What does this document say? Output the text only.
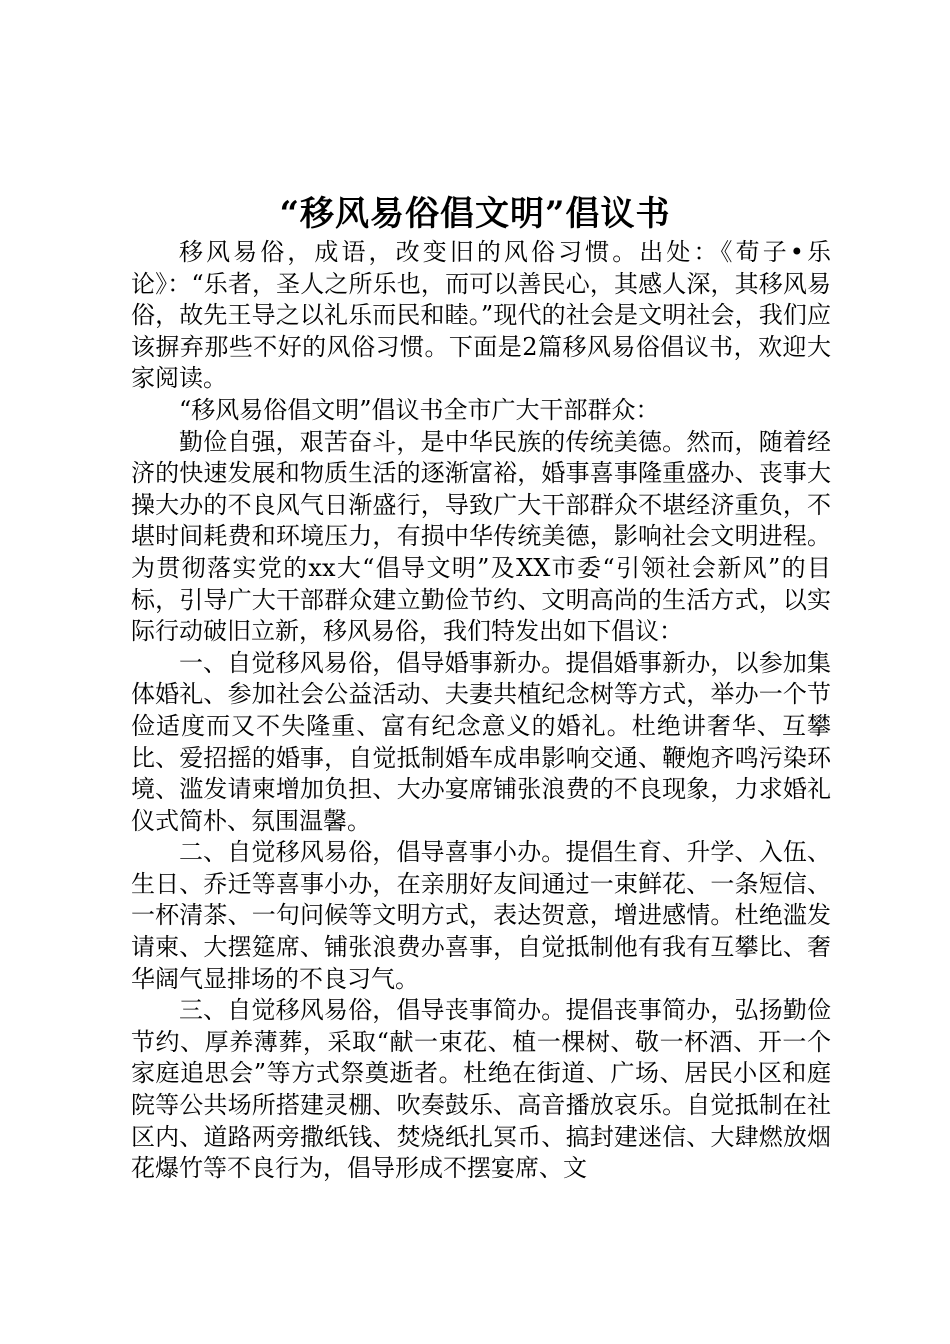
“移风易俗倡文明”倡议书

移风易俗，成语，改变旧的风俗习惯。出处：《荀子•乐论》：“乐者，圣人之所乐也，而可以善民心，其感人深，其移风易俗，故先王导之以礼乐而民和睦。”现代的社会是文明社会，我们应该摒弃那些不好的风俗习惯。下面是2篇移风易俗倡议书，欢迎大家阅读。

“移风易俗倡文明”倡议书全市广大干部群众：

勤俭自强，艰苦奋斗，是中华民族的传统美德。然而，随着经济的快速发展和物质生活的逐渐富裕，婚事喜事隆重盛办、丧事大操大办的不良风气日渐盛行，导致广大干部群众不堪经济重负，不堪时间耗费和环境压力，有损中华传统美德，影响社会文明进程。为贯彻落实党的xx大“倡导文明”及XX市委“引领社会新风”的目标，引导广大干部群众建立勤俭节约、文明高尚的生活方式，以实际行动破旧立新，移风易俗，我们特发出如下倡议：

一、自觉移风易俗，倡导婚事新办。提倡婚事新办，以参加集体婚礼、参加社会公益活动、夫妻共植纪念树等方式，举办一个节俭适度而又不失隆重、富有纪念意义的婚礼。杜绝讲奢华、互攀比、爱招摇的婚事，自觉抵制婚车成串影响交通、鞭炮齐鸣污染环境、滥发请柬增加负担、大办宴席铺张浪费的不良现象，力求婚礼仪式简朴、氛围温馨。

二、自觉移风易俗，倡导喜事小办。提倡生育、升学、入伍、生日、乔迁等喜事小办，在亲朋好友间通过一束鲜花、一条短信、一杯清茶、一句问候等文明方式，表达贺意，增进感情。杜绝滥发请柬、大摆筵席、铺张浪费办喜事，自觉抵制他有我有互攀比、奢华阔气显排场的不良习气。

三、自觉移风易俗，倡导丧事简办。提倡丧事简办，弘扬勤俭节约、厚养薄葬，采取“献一束花、植一棵树、敬一杯酒、开一个家庭追思会”等方式祭奠逝者。杜绝在街道、广场、居民小区和庭院等公共场所搭建灵棚、吹奏鼓乐、高音播放哀乐。自觉抵制在社区内、道路两旁撒纸钱、焚烧纸扎冥币、搞封建迷信、大肆燃放烟花爆竹等不良行为，倡导形成不摆宴席、文
